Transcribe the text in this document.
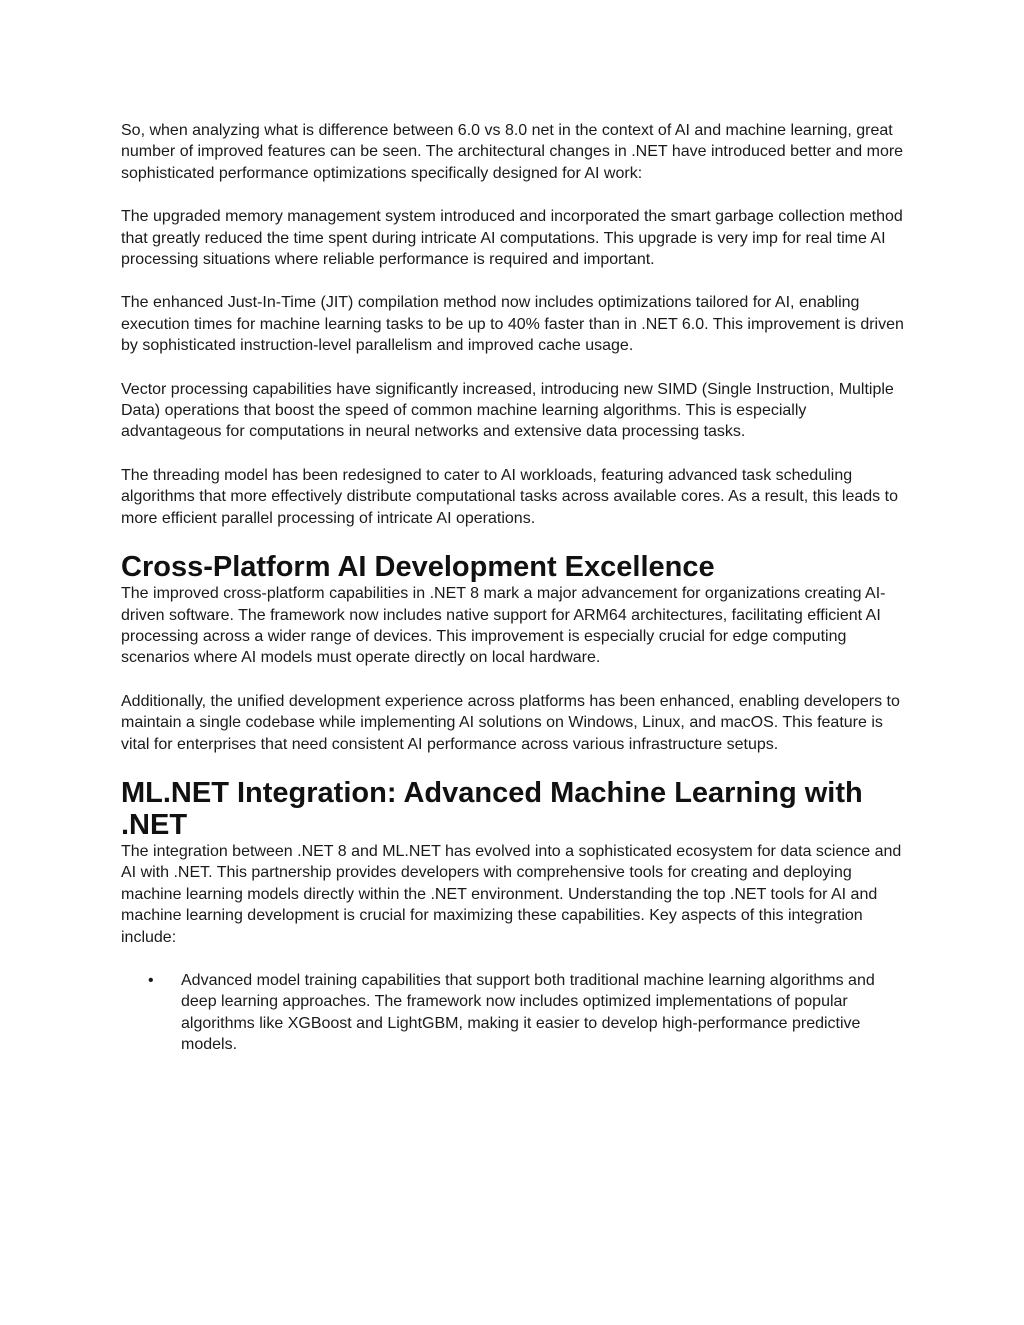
So, when analyzing what is difference between 6.0 vs 8.0 net in the context of AI and machine learning, great number of improved features can be seen. The architectural changes in .NET have introduced better and more sophisticated performance optimizations specifically designed for AI work:

The upgraded memory management system introduced and incorporated the smart garbage collection method that greatly reduced the time spent during intricate AI computations. This upgrade is very imp for real time AI processing situations where reliable performance is required and important.

The enhanced Just-In-Time (JIT) compilation method now includes optimizations tailored for AI, enabling execution times for machine learning tasks to be up to 40% faster than in .NET 6.0. This improvement is driven by sophisticated instruction-level parallelism and improved cache usage.

Vector processing capabilities have significantly increased, introducing new SIMD (Single Instruction, Multiple Data) operations that boost the speed of common machine learning algorithms. This is especially advantageous for computations in neural networks and extensive data processing tasks.

The threading model has been redesigned to cater to AI workloads, featuring advanced task scheduling algorithms that more effectively distribute computational tasks across available cores. As a result, this leads to more efficient parallel processing of intricate AI operations.

Cross-Platform AI Development Excellence

The improved cross-platform capabilities in .NET 8 mark a major advancement for organizations creating AI-driven software. The framework now includes native support for ARM64 architectures, facilitating efficient AI processing across a wider range of devices. This improvement is especially crucial for edge computing scenarios where AI models must operate directly on local hardware.

Additionally, the unified development experience across platforms has been enhanced, enabling developers to maintain a single codebase while implementing AI solutions on Windows, Linux, and macOS. This feature is vital for enterprises that need consistent AI performance across various infrastructure setups.

ML.NET Integration: Advanced Machine Learning with .NET

The integration between .NET 8 and ML.NET has evolved into a sophisticated ecosystem for data science and AI with .NET. This partnership provides developers with comprehensive tools for creating and deploying machine learning models directly within the .NET environment. Understanding the top .NET tools for AI and machine learning development is crucial for maximizing these capabilities. Key aspects of this integration include:

• Advanced model training capabilities that support both traditional machine learning algorithms and deep learning approaches. The framework now includes optimized implementations of popular algorithms like XGBoost and LightGBM, making it easier to develop high-performance predictive models.
